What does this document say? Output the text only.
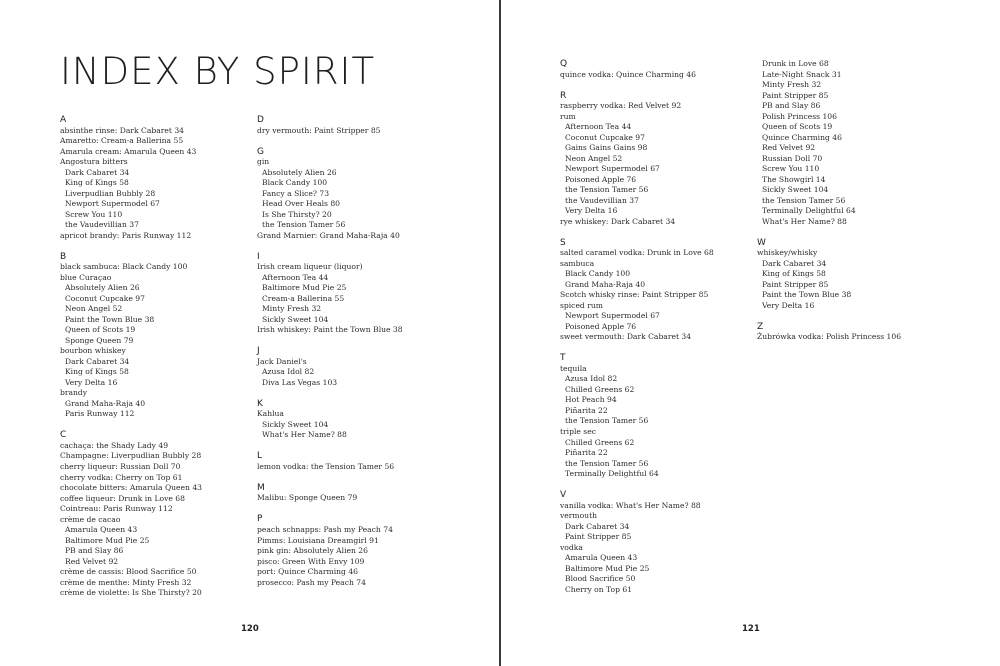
INDEX BY SPIRIT
A
absinthe rinse: Dark Cabaret 34
Amaretto: Cream-a Ballerina 55
Amarula cream: Amarula Queen 43
Angostura bitters
Dark Cabaret 34
King of Kings 58
Liverpudlian Bubbly 28
Newport Supermodel 67
Screw You 110
the Vaudevillian 37
apricot brandy: Paris Runway 112
B
black sambuca: Black Candy 100
blue Curaçao
Absolutely Alien 26
Coconut Cupcake 97
Neon Angel 52
Paint the Town Blue 38
Queen of Scots 19
Sponge Queen 79
bourbon whiskey
Dark Cabaret 34
King of Kings 58
Very Delta 16
brandy
Grand Maha-Raja 40
Paris Runway 112
C
cachaça: the Shady Lady 49
Champagne: Liverpudlian Bubbly 28
cherry liqueur: Russian Doll 70
cherry vodka: Cherry on Top 61
chocolate bitters: Amarula Queen 43
coffee liqueur: Drunk in Love 68
Cointreau: Paris Runway 112
crème de cacao
Amarula Queen 43
Baltimore Mud Pie 25
PB and Slay 86
Red Velvet 92
crème de cassis: Blood Sacrifice 50
crème de menthe: Minty Fresh 32
crème de violette: Is She Thirsty? 20
D
dry vermouth: Paint Stripper 85
G
gin
Absolutely Alien 26
Black Candy 100
Fancy a Slice? 73
Head Over Heals 80
Is She Thirsty? 20
the Tension Tamer 56
Grand Marnier: Grand Maha-Raja 40
I
Irish cream liqueur (liquor)
Afternoon Tea 44
Baltimore Mud Pie 25
Cream-a Ballerina 55
Minty Fresh 32
Sickly Sweet 104
Irish whiskey: Paint the Town Blue 38
J
Jack Daniel's
Azusa Idol 82
Diva Las Vegas 103
K
Kahlua
Sickly Sweet 104
What's Her Name? 88
L
lemon vodka: the Tension Tamer 56
M
Malibu: Sponge Queen 79
P
peach schnapps: Pash my Peach 74
Pimms: Louisiana Dreamgirl 91
pink gin: Absolutely Alien 26
pisco: Green With Envy 109
port: Quince Charming 46
prosecco: Pash my Peach 74
120
Q
quince vodka: Quince Charming 46
R
raspberry vodka: Red Velvet 92
rum
Afternoon Tea 44
Coconut Cupcake 97
Gains Gains Gains 98
Neon Angel 52
Newport Supermodel 67
Poisoned Apple 76
the Tension Tamer 56
the Vaudevillian 37
Very Delta 16
rye whiskey: Dark Cabaret 34
S
salted caramel vodka: Drunk in Love 68
sambuca
Black Candy 100
Grand Maha-Raja 40
Scotch whisky rinse: Paint Stripper 85
spiced rum
Newport Supermodel 67
Poisoned Apple 76
sweet vermouth: Dark Cabaret 34
T
tequila
Azusa Idol 82
Chilled Greens 62
Hot Peach 94
Piñarita 22
the Tension Tamer 56
triple sec
Chilled Greens 62
Piñarita 22
the Tension Tamer 56
Terminally Delightful 64
V
vanilla vodka: What's Her Name? 88
vermouth
Dark Cabaret 34
Paint Stripper 85
vodka
Amarula Queen 43
Baltimore Mud Pie 25
Blood Sacrifice 50
Cherry on Top 61
Drunk in Love 68
Late-Night Snack 31
Minty Fresh 32
Paint Stripper 85
PB and Slay 86
Polish Princess 106
Queen of Scots 19
Quince Charming 46
Red Velvet 92
Russian Doll 70
Screw You 110
The Showgirl 14
Sickly Sweet 104
the Tension Tamer 56
Terminally Delightful 64
What's Her Name? 88
W
whiskey/whisky
Dark Cabaret 34
King of Kings 58
Paint Stripper 85
Paint the Town Blue 38
Very Delta 16
Z
Żubrówka vodka: Polish Princess 106
121
